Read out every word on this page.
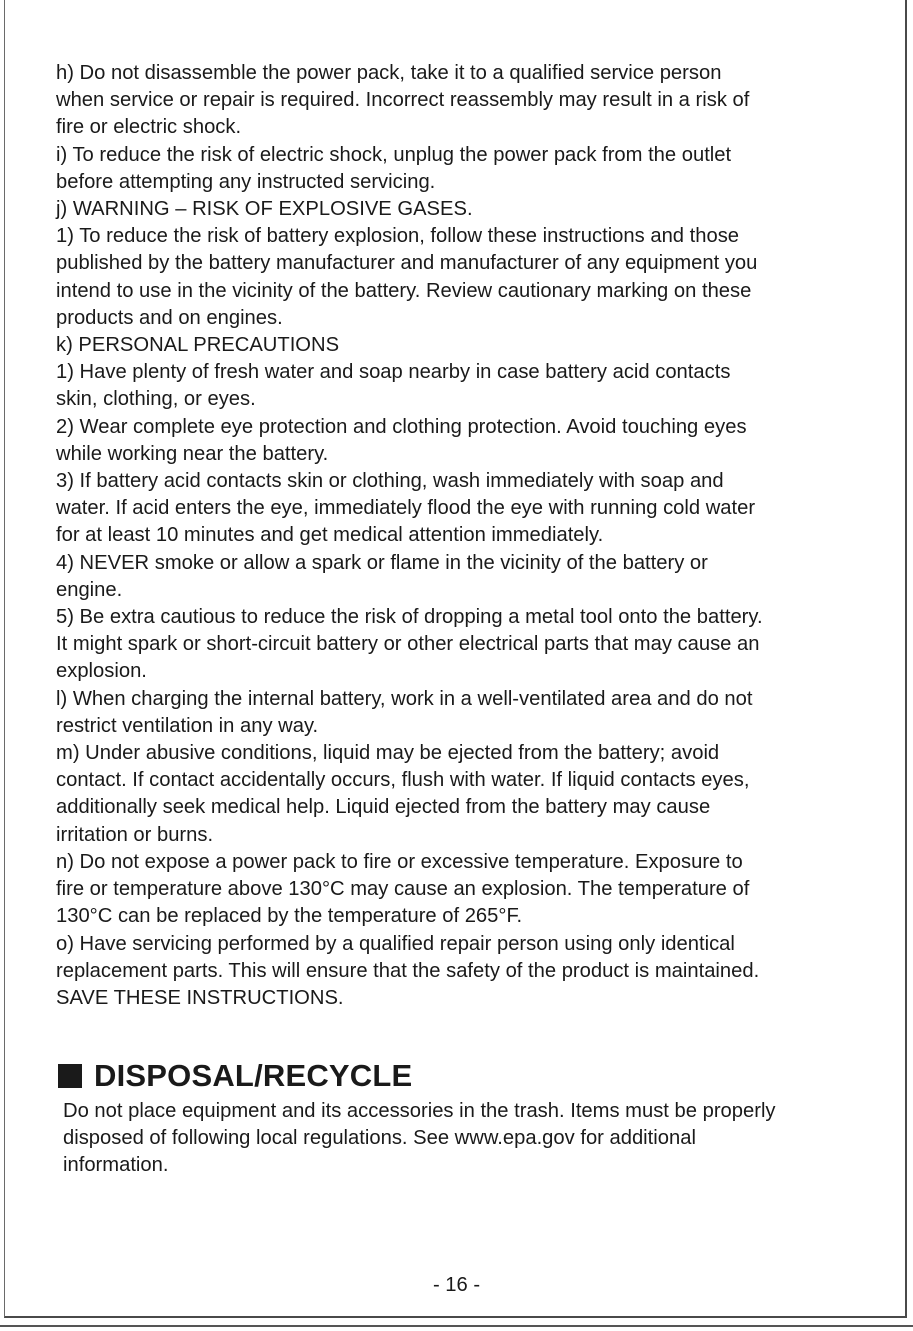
h) Do not disassemble the power pack, take it to a qualified service person
when service or repair is required. Incorrect reassembly may result in a risk of
fire or electric shock.
i) To reduce the risk of electric shock, unplug the power pack from the outlet
before attempting any instructed servicing.
j) WARNING – RISK OF EXPLOSIVE GASES.
1) To reduce the risk of battery explosion, follow these instructions and those
published by the battery manufacturer and manufacturer of any equipment you
intend to use in the vicinity of the battery. Review cautionary marking on these
products and on engines.
k) PERSONAL PRECAUTIONS
1) Have plenty of fresh water and soap nearby in case battery acid contacts
skin, clothing, or eyes.
2) Wear complete eye protection and clothing protection. Avoid touching eyes
while working near the battery.
3) If battery acid contacts skin or clothing, wash immediately with soap and
water. If acid enters the eye, immediately flood the eye with running cold water
for at least 10 minutes and get medical attention immediately.
4) NEVER smoke or allow a spark or flame in the vicinity of the battery or
engine.
5) Be extra cautious to reduce the risk of dropping a metal tool onto the battery.
It might spark or short-circuit battery or other electrical parts that may cause an
explosion.
l) When charging the internal battery, work in a well-ventilated area and do not
restrict ventilation in any way.
m) Under abusive conditions, liquid may be ejected from the battery; avoid
contact. If contact accidentally occurs, flush with water. If liquid contacts eyes,
additionally seek medical help. Liquid ejected from the battery may cause
irritation or burns.
n) Do not expose a power pack to fire or excessive temperature. Exposure to
fire or temperature above 130°C may cause an explosion. The temperature of
130°C can be replaced by the temperature of 265°F.
o) Have servicing performed by a qualified repair person using only identical
replacement parts. This will ensure that the safety of the product is maintained.
SAVE THESE INSTRUCTIONS.
DISPOSAL/RECYCLE

Do not place equipment and its accessories in the trash. Items must be properly
disposed of following local regulations. See www.epa.gov for additional
information.

- 16 -
